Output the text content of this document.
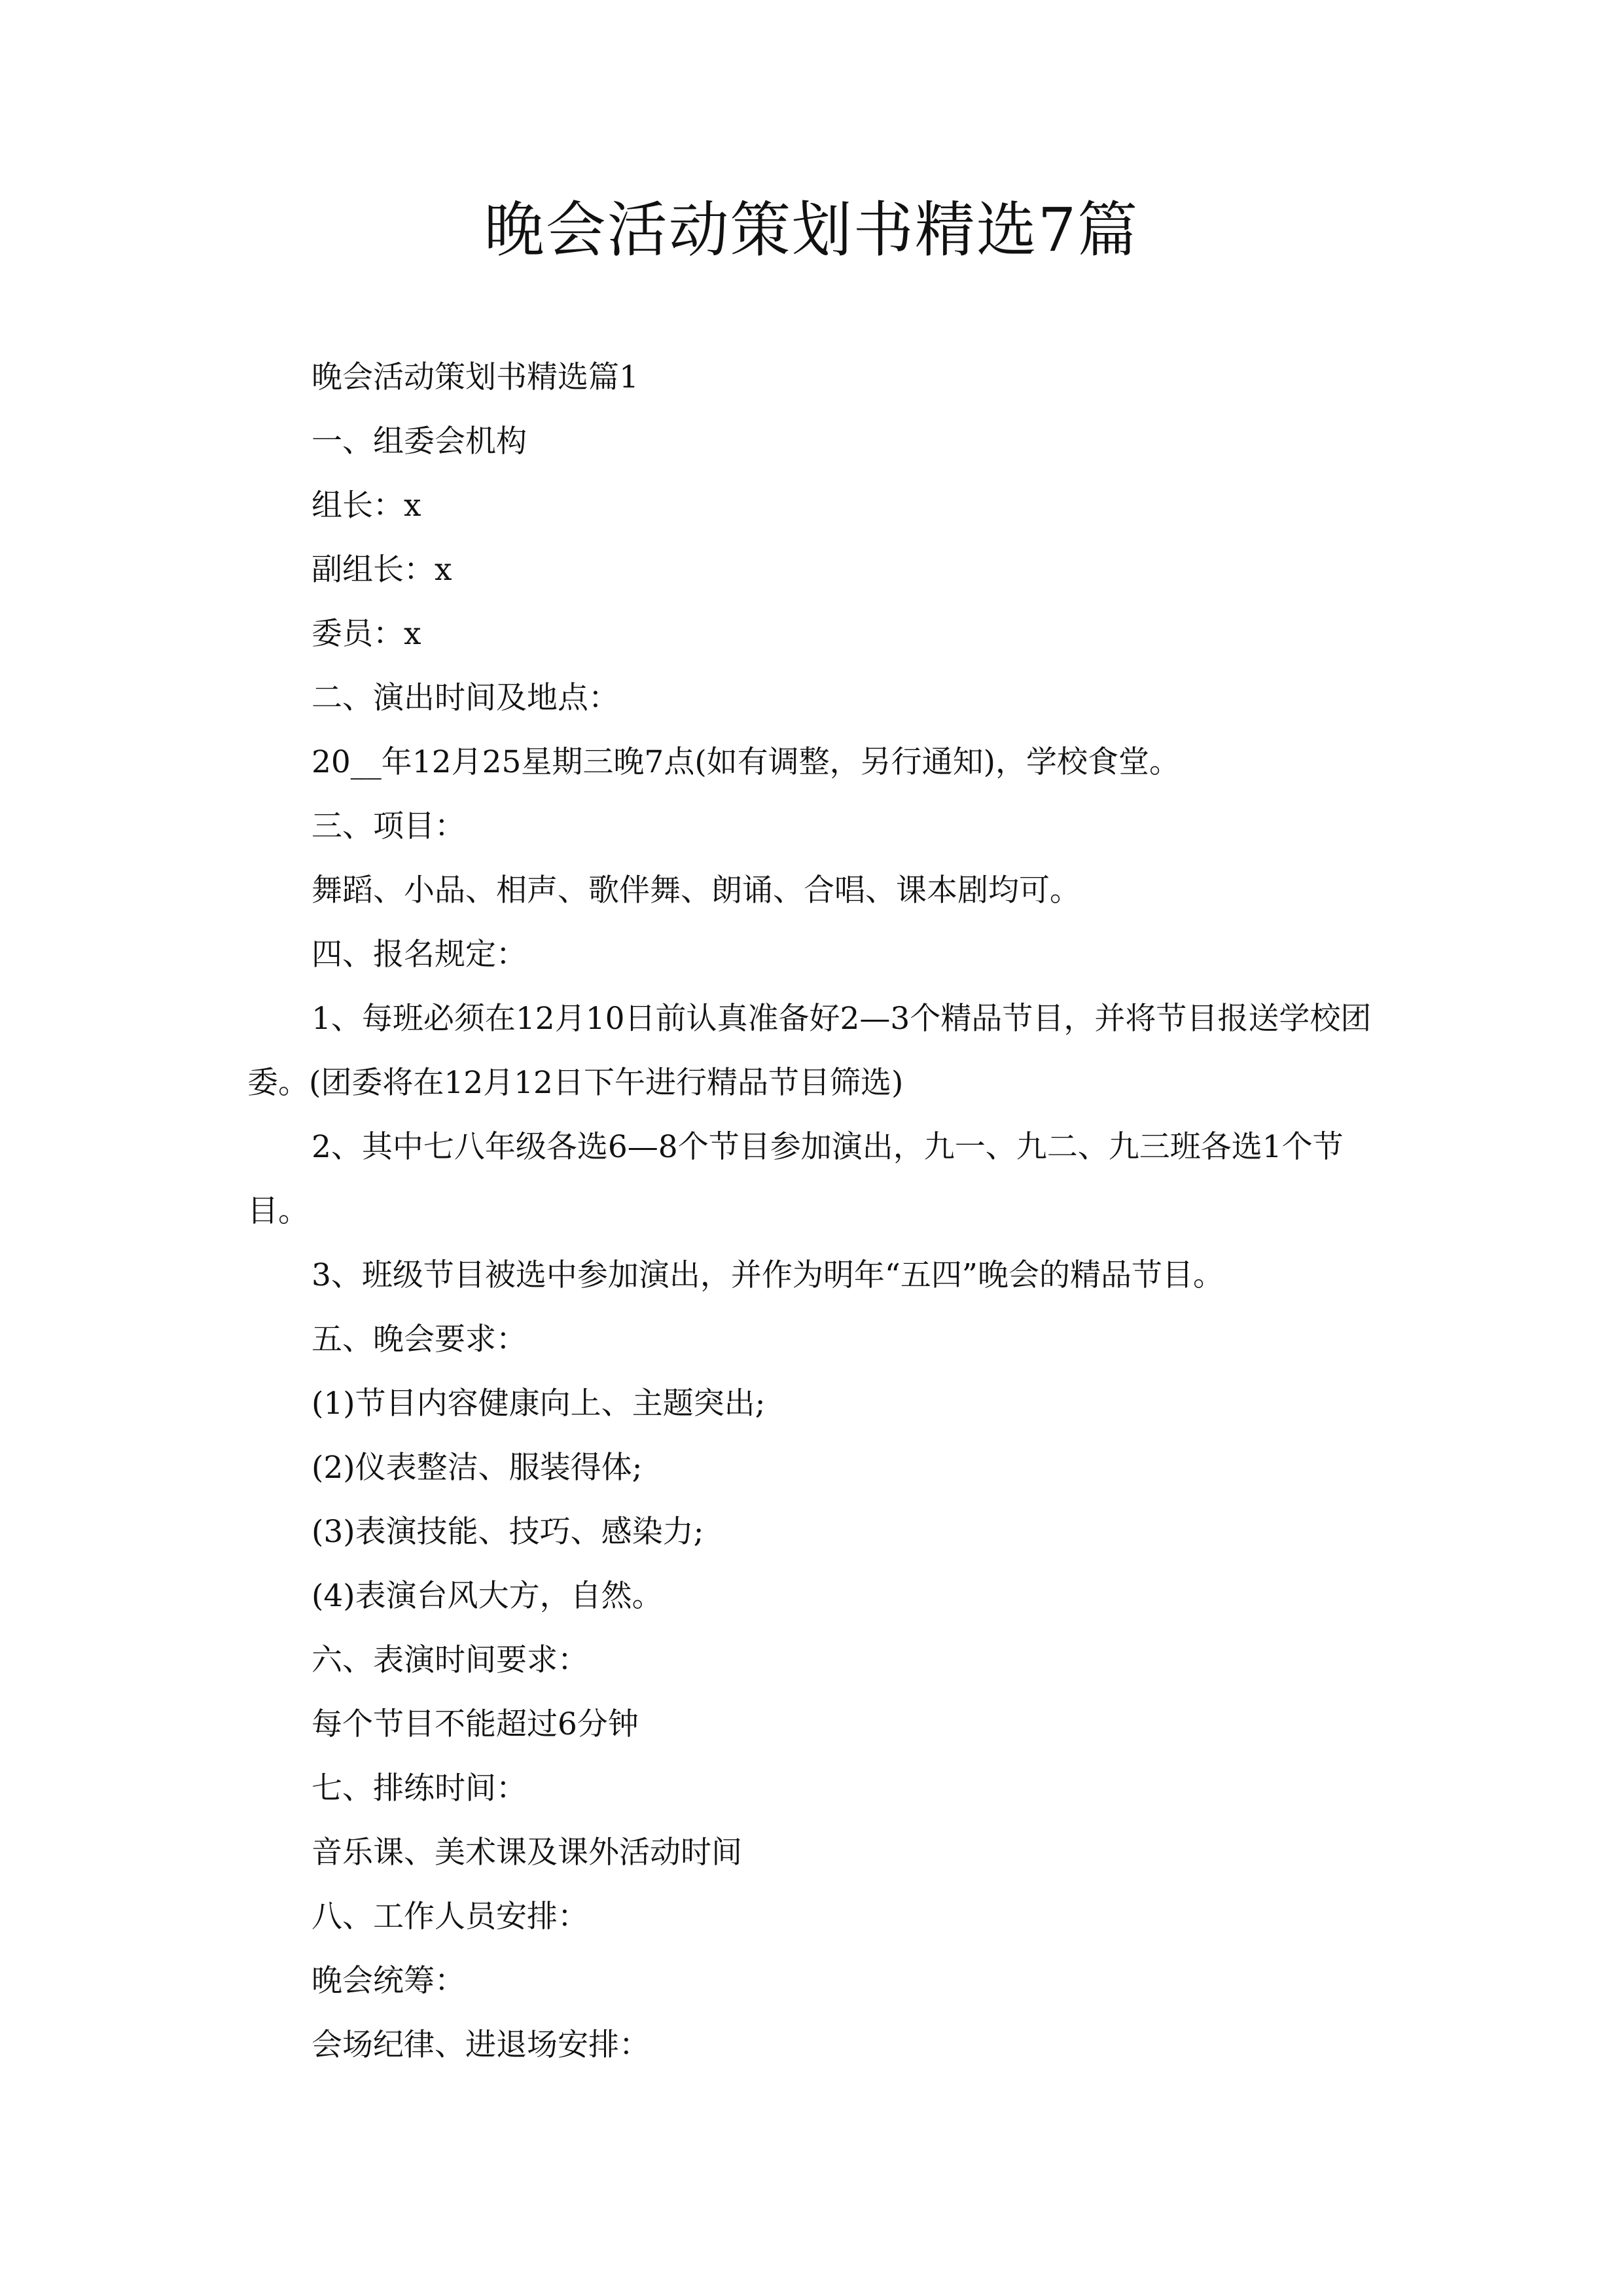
晚会活动策划书精选7篇

晚会活动策划书精选篇1

一、组委会机构

组长：x

副组长：x

委员：x

二、演出时间及地点：

20__年12月25星期三晚7点(如有调整，另行通知)，学校食堂。

三、项目：

舞蹈、小品、相声、歌伴舞、朗诵、合唱、课本剧均可。

四、报名规定：

1、每班必须在12月10日前认真准备好2—3个精品节目，并将节目报送学校团委。(团委将在12月12日下午进行精品节目筛选)

2、其中七八年级各选6—8个节目参加演出，九一、九二、九三班各选1个节目。

3、班级节目被选中参加演出，并作为明年“五四”晚会的精品节目。

五、晚会要求：

(1)节目内容健康向上、主题突出;

(2)仪表整洁、服装得体;

(3)表演技能、技巧、感染力;

(4)表演台风大方，自然。

六、表演时间要求：

每个节目不能超过6分钟

七、排练时间：

音乐课、美术课及课外活动时间

八、工作人员安排：

晚会统筹：

会场纪律、进退场安排：
